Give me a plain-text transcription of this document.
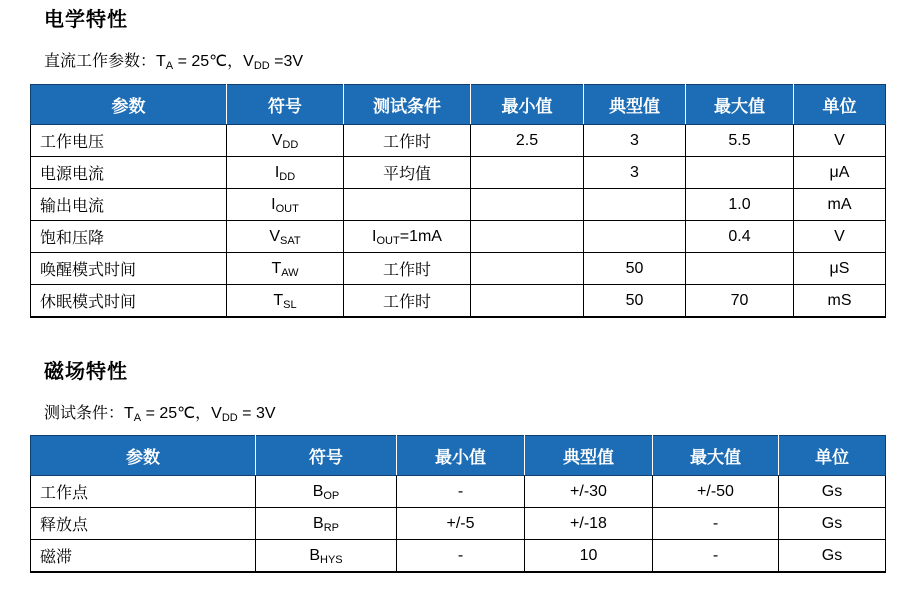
电学特性
直流工作参数：$T_A$ = 25℃，$V_{DD} =3V$
参数	符号	测试条件	最小值	典型值	最大值	单位
工作电压	$V_{DD}$	工作时	2.5	3	5.5	V
电源电流	$I_{DD}$	平均值		3		μA
输出电流	$I_{OUT}$				1.0	mA
饱和压降	$V_{SAT}$	$I_{OUT}=1mA$			0.4	V
唤醒模式时间	$T_{AW}$	工作时		50		μS
休眠模式时间	$T_{SL}$	工作时		50	70	mS
磁场特性
测试条件：$T_A$ = 25℃，$V_{DD} = 3V$
参数	符号	最小值	典型值	最大值	单位
工作点	$B_{OP}$	-	+/-30	+/-50	Gs
释放点	$B_{RP}$	+/-5	+/-18	-	Gs
磁滞	$B_{HYS}$	-	10	-	Gs
